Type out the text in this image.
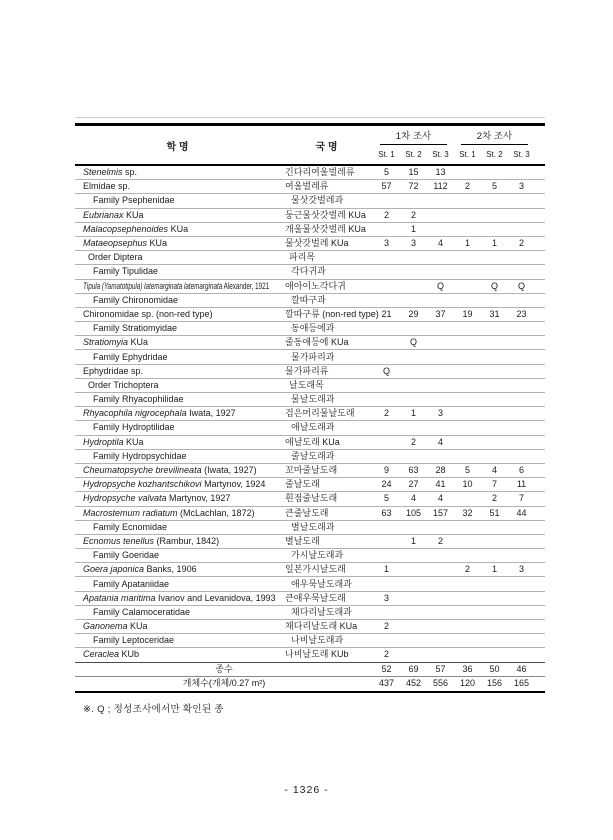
학 명	국 명	1차 조사			2차 조사			

		St. 1	St. 2	St. 3	St. 1	St. 2	St. 3	
Stenelmis sp.	긴다리여울벌레류	5	15	13				
Elmidae sp.	여울벌레류	57	72	112	2	5	3	
Family Psephenidae	물삿갓벌레과							
Eubrianax KUa	둥근물삿갓벌레 KUa	2	2					
Malacopsephenoides KUa	개울물삿갓벌레 KUa		1					
Mataeopsephus KUa	물삿갓벌레 KUa	3	3	4	1	1	2	
Order Diptera	파리목							
Family Tipulidae	각다귀과							
Tipula (Yamatotipula) latemarginata latemarginata Alexander, 1921	애아이노각다귀			Q		Q	Q	
Family Chironomidae	깔따구과							
Chironomidae sp. (non-red type)	깔따구류 (non-red type)	21	29	37	19	31	23	
Family Stratiomyidae	동애등에과							
Stratiomyia KUa	줄동애등에 KUa		Q					
Family Ephydridae	물가파리과							
Ephydridae sp.	물가파리류	Q						
Order Trichoptera	날도래목							
Family Rhyacophilidae	물날도래과							
Rhyacophila nigrocephala Iwata, 1927	검은머리물날도래	2	1	3				
Family Hydroptilidae	애날도래과							
Hydroptila KUa	애날도래 KUa		2	4				
Family Hydropsychidae	줄날도래과							
Cheumatopsyche brevilineata (Iwata, 1927)	꼬마줄날도래	9	63	28	5	4	6	
Hydropsyche kozhantschikovi Martynov, 1924	줄날도래	24	27	41	10	7	11	
Hydropsyche valvata Martynov, 1927	흰점줄날도래	5	4	4		2	7	
Macrostemum radiatum (McLachlan, 1872)	큰줄날도래	63	105	157	32	51	44	
Family Ecnomidae	별날도래과							
Ecnomus tenellus (Rambur, 1842)	별날도래		1	2				
Family Goeridae	가시날도래과							
Goera japonica Banks, 1906	일본가시날도래	1			2	1	3	
Family Apataniidae	애우묵날도래과							
Apatania maritima Ivanov and Levanidova, 1993	큰애우묵날도래	3						
Family Calamoceratidae	채다리날도래과							
Ganonema KUa	채다리날도래 KUa	2						
Family Leptoceridae	나비날도래과							
Ceraclea KUb	나비날도래 KUb	2						
종수		52	69	57	36	50	46	
개체수(개체/0.27 m²)		437	452	556	120	156	165	
※. Q ; 정성조사에서만 확인된 종
- 1326 -
